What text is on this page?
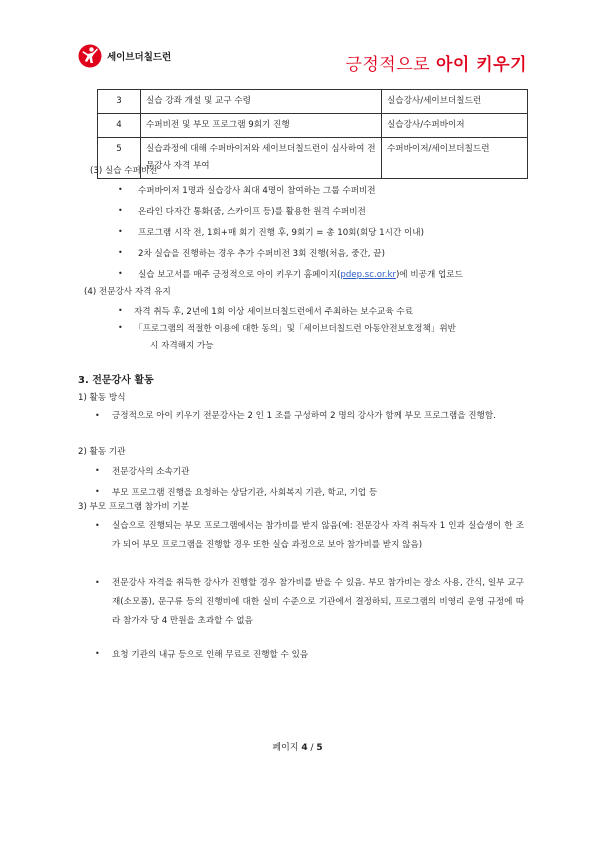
세이브더칠드런	긍정적으로 아이 키우기
3	실습 강좌 개설 및 교구 수령	실습강사/세이브더칠드런
4	수퍼비전 및 부모 프로그램 9회기 진행	실습강사/수퍼바이저
5	실습과정에 대해 수퍼바이저와 세이브더칠드런이 심사하여 전문강사 자격 부여	수퍼바이저/세이브더칠드런
(3) 실습 수퍼비전
• 수퍼바이저 1명과 실습강사 최대 4명이 참여하는 그룹 수퍼비전
• 온라인 다자간 통화(줌, 스카이프 등)를 활용한 원격 수퍼비전
• 프로그램 시작 전, 1회+매 회기 진행 후, 9회기 = 총 10회(회당 1시간 이내)
• 2차 실습을 진행하는 경우 추가 수퍼비전 3회 진행(처음, 중간, 끝)
• 실습 보고서를 매주 긍정적으로 아이 키우기 홈페이지(pdep.sc.or.kr)에 비공개 업로드
(4) 전문강사 자격 유지
• 자격 취득 후, 2년에 1회 이상 세이브더칠드런에서 주최하는 보수교육 수료
• 「프로그램의 적절한 이용에 대한 동의」및「세이브더칠드런 아동안전보호정책」위반
시 자격해지 가능
3. 전문강사 활동
1) 활동 방식
• 긍정적으로 아이 키우기 전문강사는 2 인 1 조를 구성하여 2 명의 강사가 함께 부모 프로그램을 진행함.
2) 활동 기관
• 전문강사의 소속기관
• 부모 프로그램 진행을 요청하는 상담기관, 사회복지 기관, 학교, 기업 등
3) 부모 프로그램 참가비 기분
• 실습으로 진행되는 부모 프로그램에서는 참가비를 받지 않음(예: 전문강사 자격 취득자 1 인과 실습생이 한 조가 되어 부모 프로그램을 진행할 경우 또한 실습 과정으로 보아 참가비를 받지 않음)
• 전문강사 자격을 취득한 강사가 진행할 경우 참가비를 받을 수 있음. 부모 참가비는 장소 사용, 간식, 일부 교구재(소모품), 문구류 등의 진행비에 대한 실비 수준으로 기관에서 결정하되, 프로그램의 비영리 운영 규정에 따라 참가자 당 4 만원을 초과할 수 없음
• 요청 기관의 내규 등으로 인해 무료로 진행할 수 있음
페이지 4 / 5
